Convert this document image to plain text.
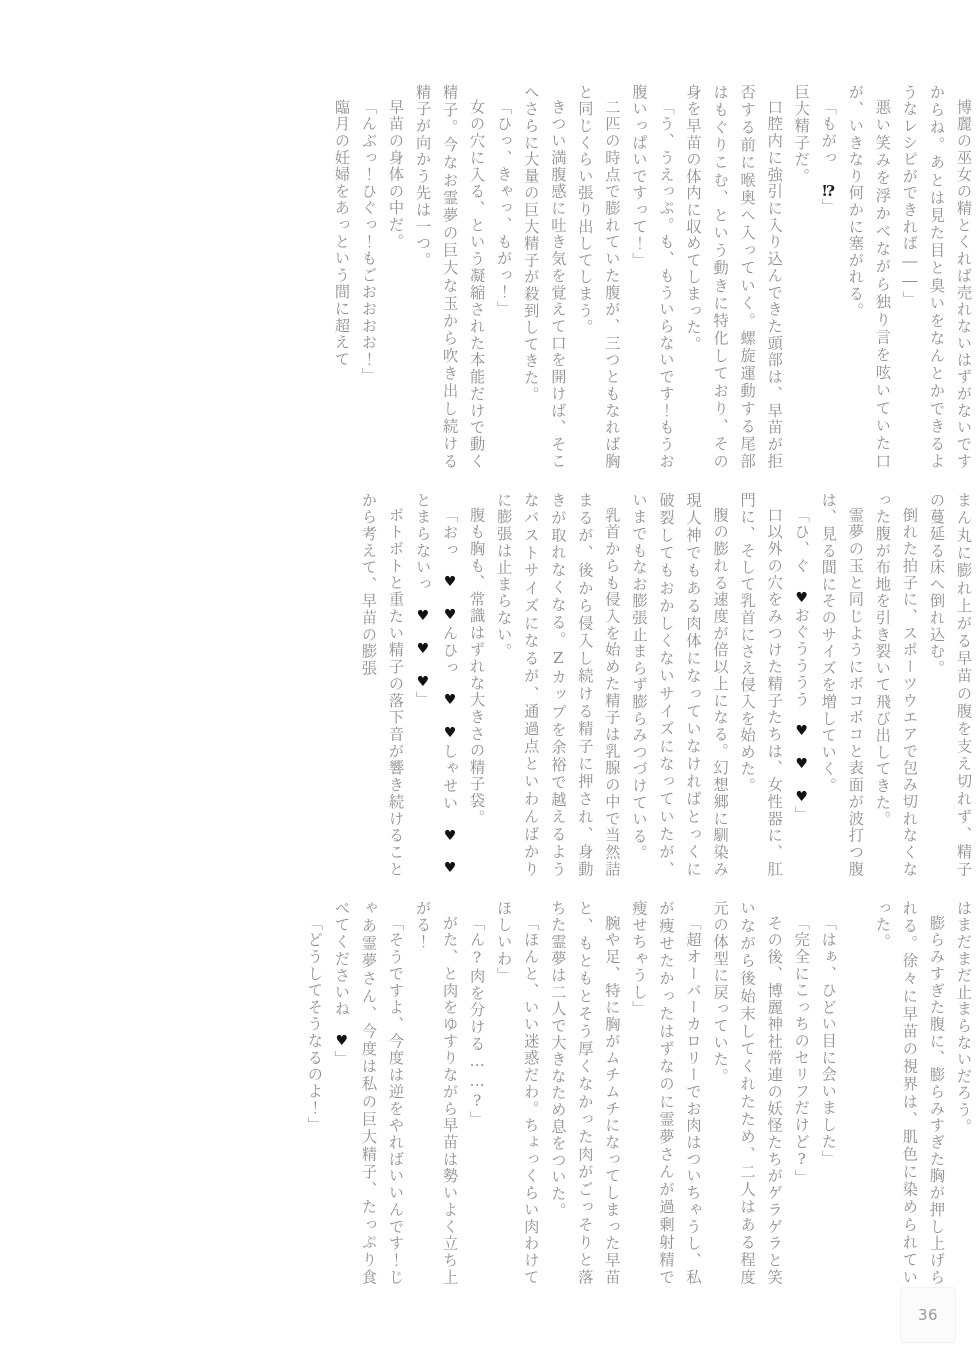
博麗の巫女の精とくれば売れないはずがないですからね。あとは見た目と臭いをなんとかできるようなレシピができれば――」

悪い笑みを浮かべながら独り言を呟いていた口が、いきなり何かに塞がれる。

「もがっ⁉」

巨大精子だ。

口腔内に強引に入り込んできた頭部は、早苗が拒否する前に喉奥へ入っていく。螺旋運動する尾部はもぐりこむ、という動きに特化しており、その身を早苗の体内に収めてしまった。

「う、うえっぷ。も、もういらないです！もうお腹いっぱいですって！」

二匹の時点で膨れていた腹が、三つともなれば胸と同じくらい張り出してしまう。

きつい満腹感に吐き気を覚えて口を開けば、そこへさらに大量の巨大精子が殺到してきた。

「ひっ、きゃっ、もがっ！」

女の穴に入る、という凝縮された本能だけで動く精子。今なお霊夢の巨大な玉から吹き出し続ける精子が向かう先は一つ。

早苗の身体の中だ。

「んぶっ！ひぐっ！もごおおおお！」

臨月の妊婦をあっという間に超えて

まん丸に膨れ上がる早苗の腹を支え切れず、精子の蔓延る床へ倒れ込む。

倒れた拍子に、スポーツウエアで包み切れなくなった腹が布地を引き裂いて飛び出してきた。

霊夢の玉と同じようにボコボコと表面が波打つ腹は、見る間にそのサイズを増していく。

「ひ、ぐ♥おぐうううう♥♥♥」

口以外の穴をみつけた精子たちは、女性器に、肛門に、そして乳首にさえ侵入を始めた。

腹の膨れる速度が倍以上になる。幻想郷に馴染み現人神でもある肉体になっていなければとっくに破裂してもおかしくないサイズになっていたが、いまでもなお膨張止まらず膨らみつづけている。

乳首からも侵入を始めた精子は乳腺の中で当然詰まるが、後から侵入し続ける精子に押され、身動きが取れなくなる。Zカップを余裕で越えるようなバストサイズになるが、通過点といわんばかりに膨張は止まらない。

腹も胸も、常識はずれな大きさの精子袋。

「おっ♥♥んひっ♥♥しゃせい♥♥とまらないっ♥♥♥」

ボトボトと重たい精子の落下音が響き続けることから考えて、早苗の膨張

はまだまだ止まらないだろう。

膨らみすぎた腹に、膨らみすぎた胸が押し上げられる。徐々に早苗の視界は、肌色に染められていった。

「はぁ、ひどい目に会いました」

「完全にこっちのセリフだけど?」

その後、博麗神社常連の妖怪たちがゲラゲラと笑いながら後始末してくれたため、二人はある程度元の体型に戻っていた。

「超オーバーカロリーでお肉はついちゃうし、私が痩せたかったはずなのに霊夢さんが過剰射精で痩せちゃうし」

腕や足、特に胸がムチムチになってしまった早苗と、もともとそう厚くなかった肉がごっそりと落ちた霊夢は二人で大きなため息をついた。

「ほんと、いい迷惑だわ。ちょっくらい肉わけてほしいわ」

「ん?肉を分ける……?」

がた、と肉をゆすりながら早苗は勢いよく立ち上がる！

「そうですよ、今度は逆をやればいいんです！じゃあ霊夢さん、今度は私の巨大精子、たっぷり食べてくださいね♥」

「どうしてそうなるのよ！」

36
